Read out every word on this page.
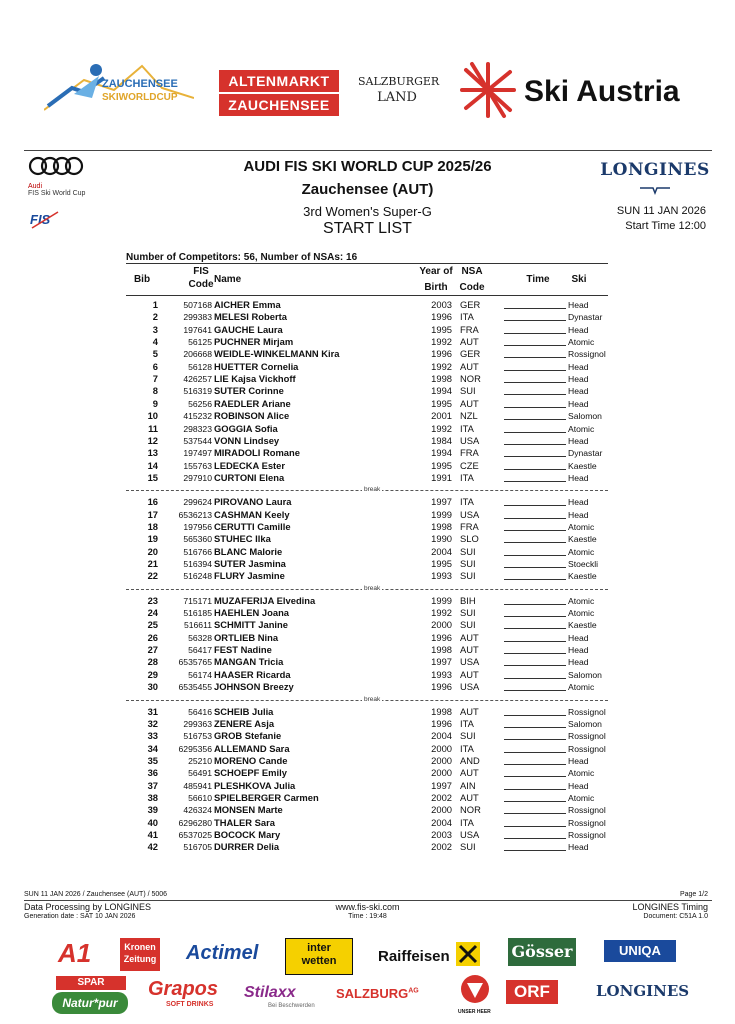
ZAUCHENSEE
SKIWORLDCUP
ALTENMARKT
ZAUCHENSEE
SALZBURGER
LAND	Ski Austria
Audi
FIS Ski World Cup
AUDI FIS SKI WORLD CUP 2025/26
Zauchensee (AUT)
3rd Women's Super-G
START LIST
LONGINES
FIS
SUN 11 JAN 2026
Start Time 12:00
Number of Competitors: 56, Number of NSAs: 16
Bib
FIS
Code Name
Year of
Birth
NSA
Code
Time	Ski
1	507168 AICHER Emma	2003 GER	Head
2	299383 MELESI Roberta	1996 ITA	Dynastar
3	197641 GAUCHE Laura	1995 FRA	Head
4	56125 PUCHNER Mirjam	1992 AUT	Atomic
5	206668 WEIDLE-WINKELMANN Kira	1996 GER	Rossignol
6	56128 HUETTER Cornelia	1992 AUT	Head
7	426257 LIE Kajsa Vickhoff	1998 NOR	Head
8	516319 SUTER Corinne	1994 SUI	Head
9	56256 RAEDLER Ariane	1995 AUT	Head
10	415232 ROBINSON Alice	2001 NZL	Salomon
11	298323 GOGGIA Sofia	1992 ITA	Atomic
12	537544 VONN Lindsey	1984 USA	Head
13	197497 MIRADOLI Romane	1994 FRA	Dynastar
14	155763 LEDECKA Ester	1995 CZE	Kaestle
15	297910 CURTONI Elena	1991 ITA	Head
break
16	299624 PIROVANO Laura	1997 ITA	Head
17	6536213 CASHMAN Keely	1999 USA	Head
18	197956 CERUTTI Camille	1998 FRA	Atomic
19	565360 STUHEC Ilka	1990 SLO	Kaestle
20	516766 BLANC Malorie	2004 SUI	Atomic
21	516394 SUTER Jasmina	1995 SUI	Stoeckli
22	516248 FLURY Jasmine	1993 SUI	Kaestle
break
23	715171 MUZAFERIJA Elvedina	1999 BIH	Atomic
24	516185 HAEHLEN Joana	1992 SUI	Atomic
25	516611 SCHMITT Janine	2000 SUI	Kaestle
26	56328 ORTLIEB Nina	1996 AUT	Head
27	56417 FEST Nadine	1998 AUT	Head
28	6535765 MANGAN Tricia	1997 USA	Head
29	56174 HAASER Ricarda	1993 AUT	Salomon
30	6535455 JOHNSON Breezy	1996 USA	Atomic
break
31	56416 SCHEIB Julia	1998 AUT	Rossignol
32	299363 ZENERE Asja	1996 ITA	Salomon
33	516753 GROB Stefanie	2004 SUI	Rossignol
34	6295356 ALLEMAND Sara	2000 ITA	Rossignol
35	25210 MORENO Cande	2000 AND	Head
36	56491 SCHOEPF Emily	2000 AUT	Atomic
37	485941 PLESHKOVA Julia	1997 AIN	Head
38	56610 SPIELBERGER Carmen	2002 AUT	Atomic
39	426324 MONSEN Marte	2000 NOR	Rossignol
40	6296280 THALER Sara	2004 ITA	Rossignol
41	6537025 BOCOCK Mary	2003 USA	Rossignol
42	516705 DURRER Delia	2002 SUI	Head
SUN 11 JAN 2026 / Zauchensee (AUT) / 5006	Page 1/2
Data Processing by LONGINES	www.fis-ski.com	LONGINES Timing
Generation date : SAT 10 JAN 2026	Time : 19:48	Document: C51A 1.0
A1	Kronen
Zeitung Actimel	inter
wetten	Raiffeisen	Gösser	UNIQA
SPAR
Natur*pur
Grapos
SOFT DRINKS
Stilaxx
Bei Beschwerden
$SALZBURG^{AG}$
UNSER HEER
ORF	LONGINES
